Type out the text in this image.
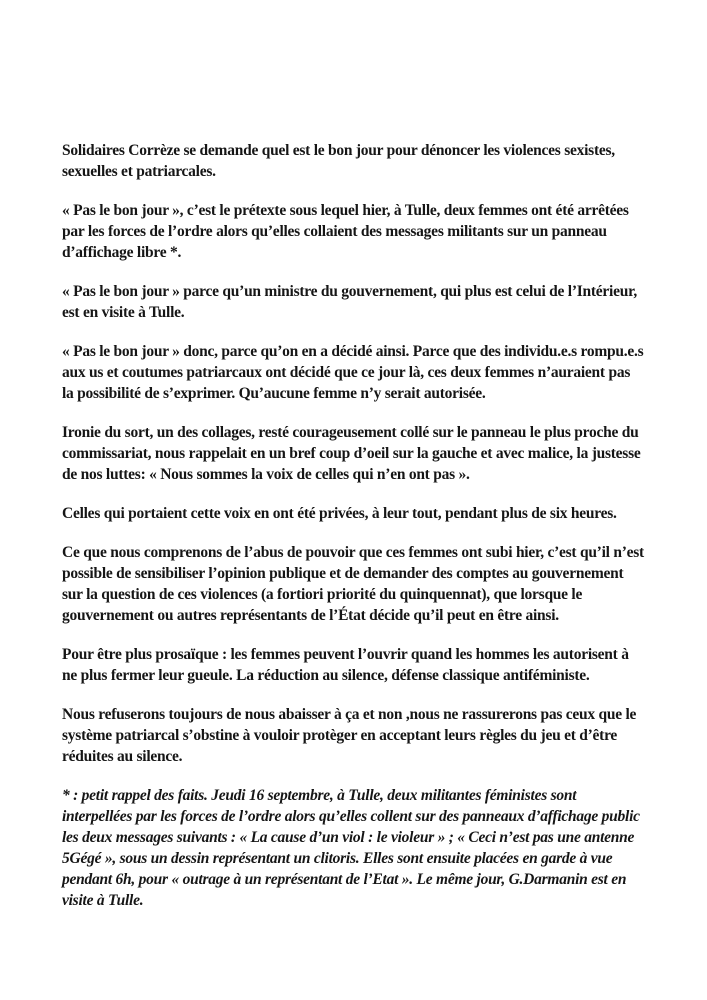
Solidaires Corrèze se demande quel est le bon jour pour dénoncer les violences sexistes, sexuelles et patriarcales.

« Pas le bon jour », c’est le prétexte sous lequel hier, à Tulle, deux femmes ont été arrêtées par les forces de l’ordre alors qu’elles collaient des messages militants sur un panneau d’affichage libre *.

« Pas le bon jour » parce qu’un ministre du gouvernement, qui plus est celui de l’Intérieur, est en visite à Tulle.

« Pas le bon jour » donc, parce qu’on en a décidé ainsi. Parce que des individu.e.s rompu.e.s aux us et coutumes patriarcaux ont décidé que ce jour là, ces deux femmes n’auraient pas la possibilité de s’exprimer. Qu’aucune femme n’y serait autorisée.

Ironie du sort, un des collages, resté courageusement collé sur le panneau le plus proche du commissariat, nous rappelait en un bref coup d’oeil sur la gauche et avec malice, la justesse de nos luttes: « Nous sommes la voix de celles qui n’en ont pas ».

Celles qui portaient cette voix en ont été privées, à leur tout, pendant plus de six heures.

Ce que nous comprenons de l’abus de pouvoir que ces femmes ont subi hier, c’est qu’il n’est possible de sensibiliser l’opinion publique et de demander des comptes au gouvernement sur la question de ces violences (a fortiori priorité du quinquennat), que lorsque le gouvernement ou autres représentants de l’État décide qu’il peut en être ainsi.

Pour être plus prosaïque : les femmes peuvent l’ouvrir quand les hommes les autorisent à ne plus fermer leur gueule. La réduction au silence, défense classique antiféministe.

Nous refuserons toujours de nous abaisser à ça et non ,nous ne rassurerons pas ceux que le système patriarcal s’obstine à vouloir protèger en acceptant leurs règles du jeu et d’être réduites au silence.

* : petit rappel des faits. Jeudi 16 septembre, à Tulle, deux militantes féministes sont interpellées par les forces de l’ordre alors qu’elles collent sur des panneaux d’affichage public les deux messages suivants : « La cause d’un viol : le violeur » ; « Ceci n’est pas une antenne 5Gégé », sous un dessin représentant un clitoris. Elles sont ensuite placées en garde à vue pendant 6h, pour « outrage à un représentant de l’Etat ». Le même jour, G.Darmanin est en visite à Tulle.
